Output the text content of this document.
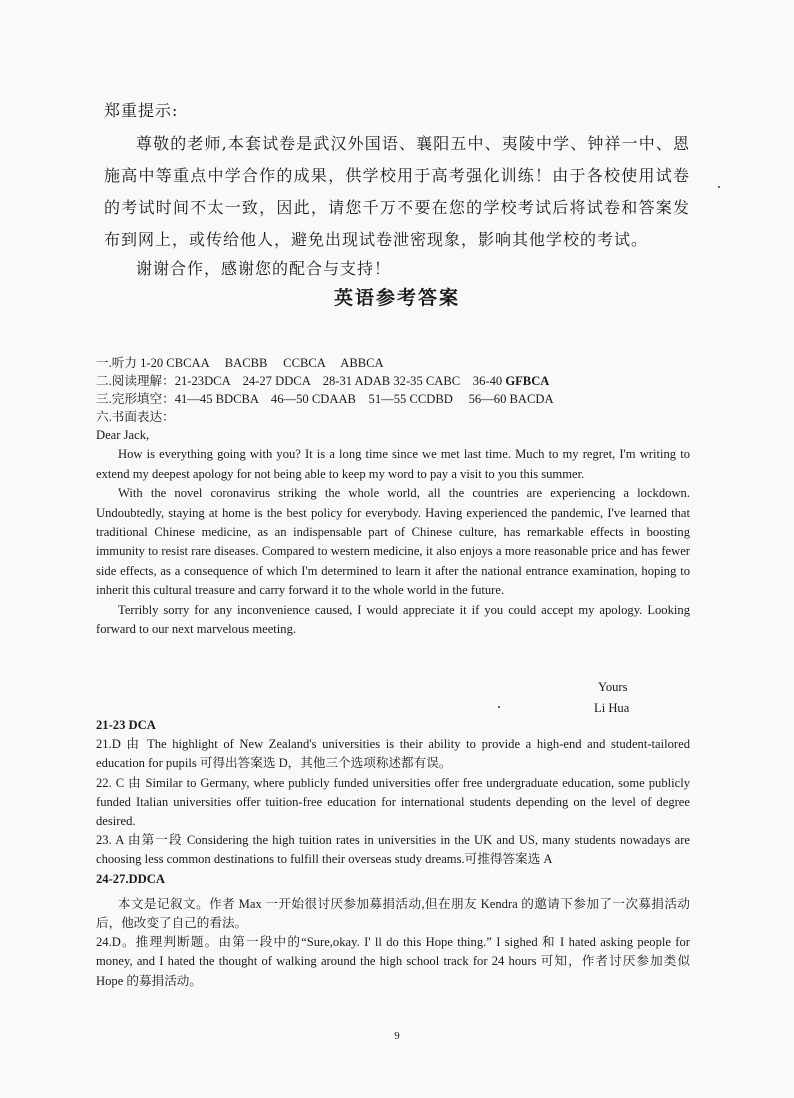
郑重提示:

尊敬的老师,本套试卷是武汉外国语、襄阳五中、夷陵中学、钟祥一中、恩施高中等重点中学合作的成果，供学校用于高考强化训练！由于各校使用试卷的考试时间不太一致，因此，请您千万不要在您的学校考试后将试卷和答案发布到网上，或传给他人，避免出现试卷泄密现象，影响其他学校的考试。

谢谢合作，感谢您的配合与支持！

英语参考答案
一.听力 1-20 CBCAA     BACBB     CCBCA     ABBCA
二.阅读理解：21-23DCA    24-27 DDCA    28-31 ADAB 32-35 CABC    36-40 GFBCA
三.完形填空：41—45 BDCBA    46—50 CDAAB    51—55 CCDBD     56—60 BACDA
六.书面表达：

Dear Jack,

How is everything going with you? It is a long time since we met last time. Much to my regret, I'm writing to extend my deepest apology for not being able to keep my word to pay a visit to you this summer.

With the novel coronavirus striking the whole world, all the countries are experiencing a lockdown. Undoubtedly, staying at home is the best policy for everybody. Having experienced the pandemic, I've learned that traditional Chinese medicine, as an indispensable part of Chinese culture, has remarkable effects in boosting immunity to resist rare diseases. Compared to western medicine, it also enjoys a more reasonable price and has fewer side effects, as a consequence of which I'm determined to learn it after the national entrance examination, hoping to inherit this cultural treasure and carry forward it to the whole world in the future.

Terribly sorry for any inconvenience caused, I would appreciate it if you could accept my apology. Looking forward to our next marvelous meeting.

Yours
Li Hua

21-23 DCA

21.D 由 The highlight of New Zealand's universities is their ability to provide a high-end and student-tailored education for pupils 可得出答案选 D，其他三个选项称述都有误。

22. C 由 Similar to Germany, where publicly funded universities offer free undergraduate education, some publicly funded Italian universities offer tuition-free education for international students depending on the level of degree desired.

23. A 由第一段 Considering the high tuition rates in universities in the UK and US, many students nowadays are choosing less common destinations to fulfill their overseas study dreams.可推得答案选 A

24-27.DDCA

本文是记叙文。作者 Max 一开始很讨厌参加募捐活动,但在朋友 Kendra 的邀请下参加了一次募捐活动后，他改变了自己的看法。

24.D。推理判断题。由第一段中的“Sure,okay. I' ll do this Hope thing.” I sighed 和 I hated asking people for money, and I hated the thought of walking around the high school track for 24 hours 可知，作者讨厌参加类似 Hope 的募捐活动。

9
